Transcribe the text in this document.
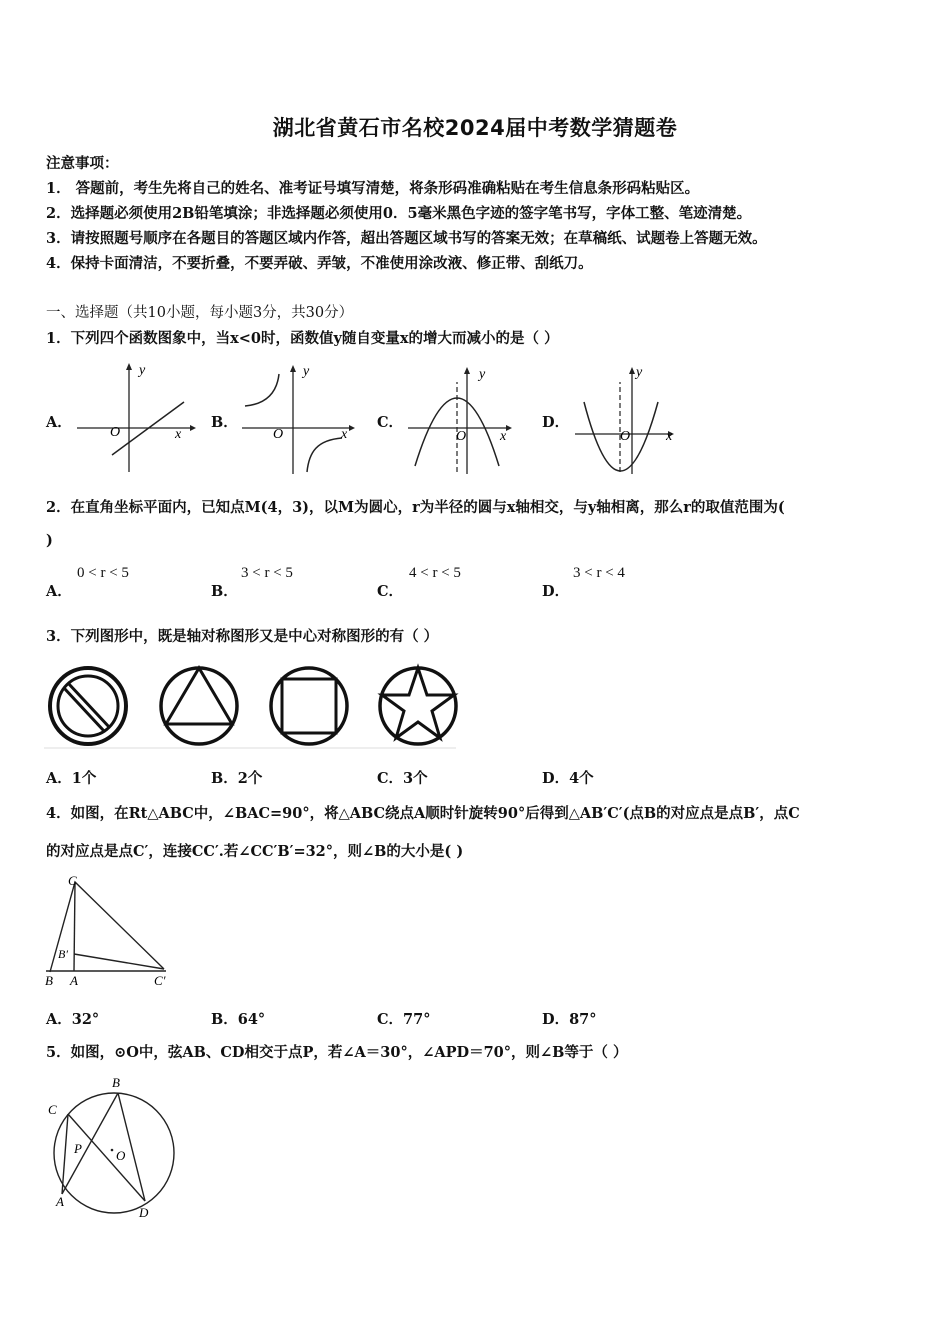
湖北省黄石市名校2024届中考数学猜题卷
注意事项：
1． 答题前，考生先将自己的姓名、准考证号填写清楚，将条形码准确粘贴在考生信息条形码粘贴区。
2．选择题必须使用2B铅笔填涂；非选择题必须使用0．5毫米黑色字迹的签字笔书写，字体工整、笔迹清楚。
3．请按照题号顺序在各题目的答题区域内作答，超出答题区域书写的答案无效；在草稿纸、试题卷上答题无效。
4．保持卡面清洁，不要折叠，不要弄破、弄皱，不准使用涂改液、修正带、刮纸刀。
一、选择题（共10小题，每小题3分，共30分）
1．下列四个函数图象中，当x<0时，函数值y随自变量x的增大而减小的是（ ）
A．
y
x
O
B．
y
x
O
C．
y
x
O
D．
y
x
O
2．在直角坐标平面内，已知点M(4，3)，以M为圆心，r为半径的圆与x轴相交，与y轴相离，那么r的取值范围为(
)
A．
0 < r < 5
B．
3 < r < 5
C．
4 < r < 5
D．
3 < r < 4
3．下列图形中，既是轴对称图形又是中心对称图形的有（ ）
A．1个	B．2个	C．3个	D．4个
4．如图，在Rt△ABC中，∠BAC=90°，将△ABC绕点A顺时针旋转90°后得到△AB′C′(点B的对应点是点B′，点C
的对应点是点C′，连接CC′.若∠CC′B′=32°，则∠B的大小是( )
C
B′
B A	C′
A．32°	B．64°	C．77°	D．87°
5．如图，⊙O中，弦AB、CD相交于点P，若∠A＝30°，∠APD＝70°，则∠B等于（ ）
B
C
P	O
A
D
